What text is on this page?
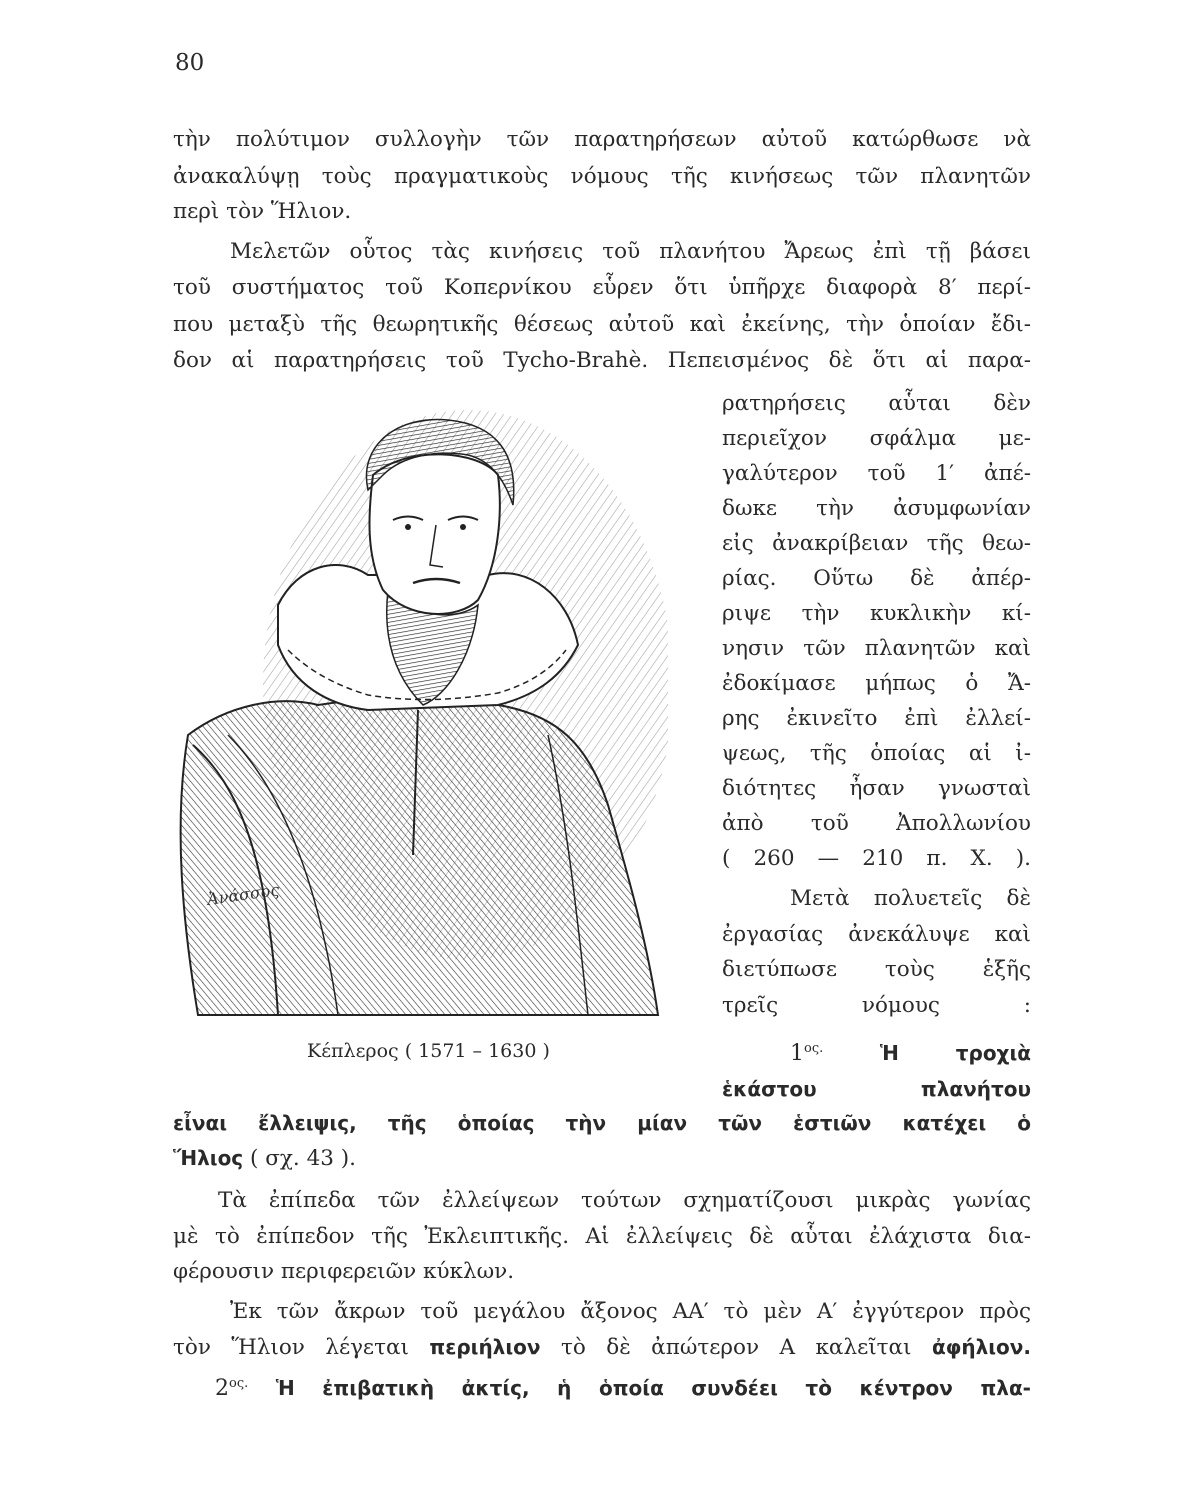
80
τὴν πολύτιμον συλλογὴν τῶν παρατηρήσεων αὐτοῦ κατώρθωσε νὰ
ἀνακαλύψῃ τοὺς πραγματικοὺς νόμους τῆς κινήσεως τῶν πλανητῶν
περὶ τὸν Ἥλιον.
Μελετῶν οὗτος τὰς κινήσεις τοῦ πλανήτου Ἄρεως ἐπὶ τῇ βάσει
τοῦ συστήματος τοῦ Κοπερνίκου εὗρεν ὅτι ὑπῆρχε διαφορὰ 8′ περί-
που μεταξὺ τῆς θεωρητικῆς θέσεως αὐτοῦ καὶ ἐκείνης, τὴν ὁποίαν ἔδι-
δον αἱ παρατηρήσεις τοῦ Tycho-Brahè. Πεπεισμένος δὲ ὅτι αἱ παρα-
Ἀνάσσος
ρατηρήσεις αὗται δὲν
περιεῖχον σφάλμα με-
γαλύτερον τοῦ 1′ ἀπέ-
δωκε τὴν ἀσυμφωνίαν
εἰς ἀνακρίβειαν τῆς θεω-
ρίας. Οὕτω δὲ ἀπέρ-
ριψε τὴν κυκλικὴν κί-
νησιν τῶν πλανητῶν καὶ
ἐδοκίμασε μήπως ὁ Ἄ-
ρης ἐκινεῖτο ἐπὶ ἐλλεί-
ψεως, τῆς ὁποίας αἱ ἰ-
διότητες ἦσαν γνωσταὶ
ἀπὸ τοῦ Ἀπολλωνίου
( 260 — 210 π. Χ. ).
Μετὰ πολυετεῖς δὲ
ἐργασίας ἀνεκάλυψε καὶ
διετύπωσε τοὺς ἑξῆς
τρεῖς νόμους :
Κέπλερος ( 1571 – 1630 )	$1^{o\varsigma.}$	Ἡ τροχιὰ
ἑκάστου πλανήτου
εἶναι ἔλλειψις, τῆς ὁποίας τὴν μίαν τῶν ἑστιῶν κατέχει ὁ
Ἥλιος ( σχ. 43 ).
Τὰ ἐπίπεδα τῶν ἐλλείψεων τούτων σχηματίζουσι μικρὰς γωνίας
μὲ τὸ ἐπίπεδον τῆς Ἐκλειπτικῆς. Αἱ ἐλλείψεις δὲ αὗται ἐλάχιστα δια-
φέρουσιν περιφερειῶν κύκλων.
Ἐκ τῶν ἄκρων τοῦ μεγάλου ἄξονος ΑΑ′ τὸ μὲν Α′ ἐγγύτερον πρὸς
τὸν Ἥλιον λέγεται περιήλιον τὸ δὲ ἀπώτερον Α καλεῖται ἀφήλιον.
$2^{o\varsigma.}$ Ἡ ἐπιβατικὴ ἀκτίς, ἡ ὁποία συνδέει τὸ κέντρον πλα-
